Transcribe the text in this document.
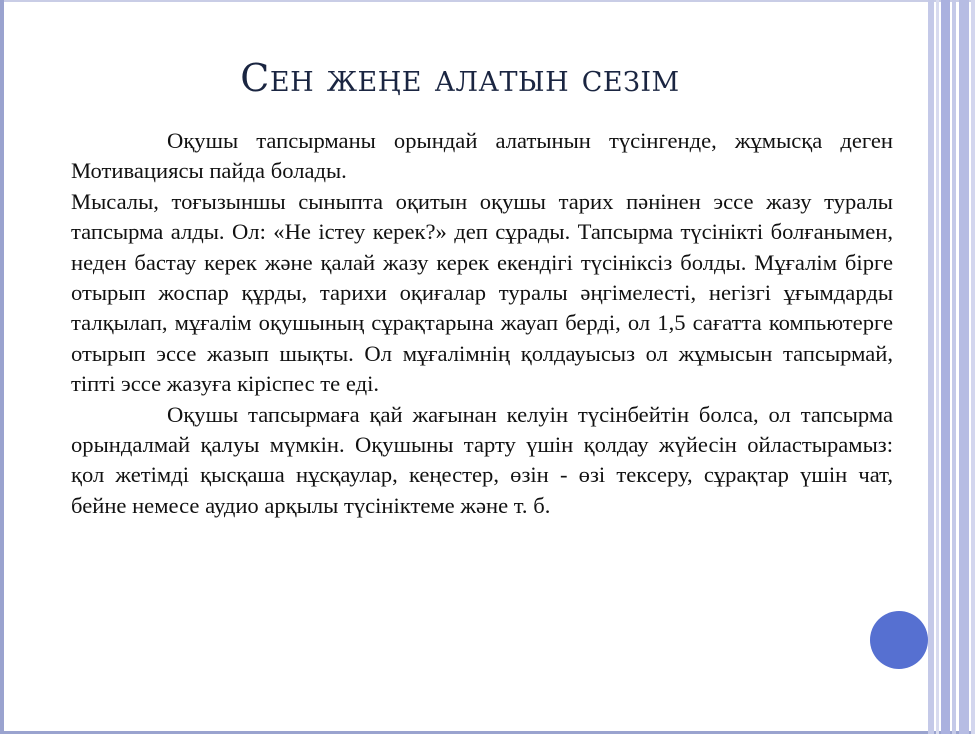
Сен жеңе алатын сезім

Оқушы тапсырманы орындай алатынын түсінгенде, жұмысқа деген Мотивациясы пайда болады.

Мысалы, тоғызыншы сыныпта оқитын оқушы тарих пәнінен эссе жазу туралы тапсырма алды. Ол: «Не істеу керек?» деп сұрады. Тапсырма түсінікті болғанымен, неден бастау керек және қалай жазу керек екендігі түсініксіз болды. Мұғалім бірге отырып жоспар құрды, тарихи оқиғалар туралы әңгімелесті, негізгі ұғымдарды талқылап, мұғалім оқушының сұрақтарына жауап берді, ол 1,5 сағатта компьютерге отырып эссе жазып шықты. Ол мұғалімнің қолдауысыз ол жұмысын тапсырмай, тіпті эссе жазуға кіріспес те еді.

Оқушы тапсырмаға қай жағынан келуін түсінбейтін болса, ол тапсырма орындалмай қалуы мүмкін. Оқушыны тарту үшін қолдау жүйесін ойластырамыз: қол жетімді қысқаша нұсқаулар, кеңестер, өзін - өзі тексеру, сұрақтар үшін чат, бейне немесе аудио арқылы түсініктеме және т. б.
